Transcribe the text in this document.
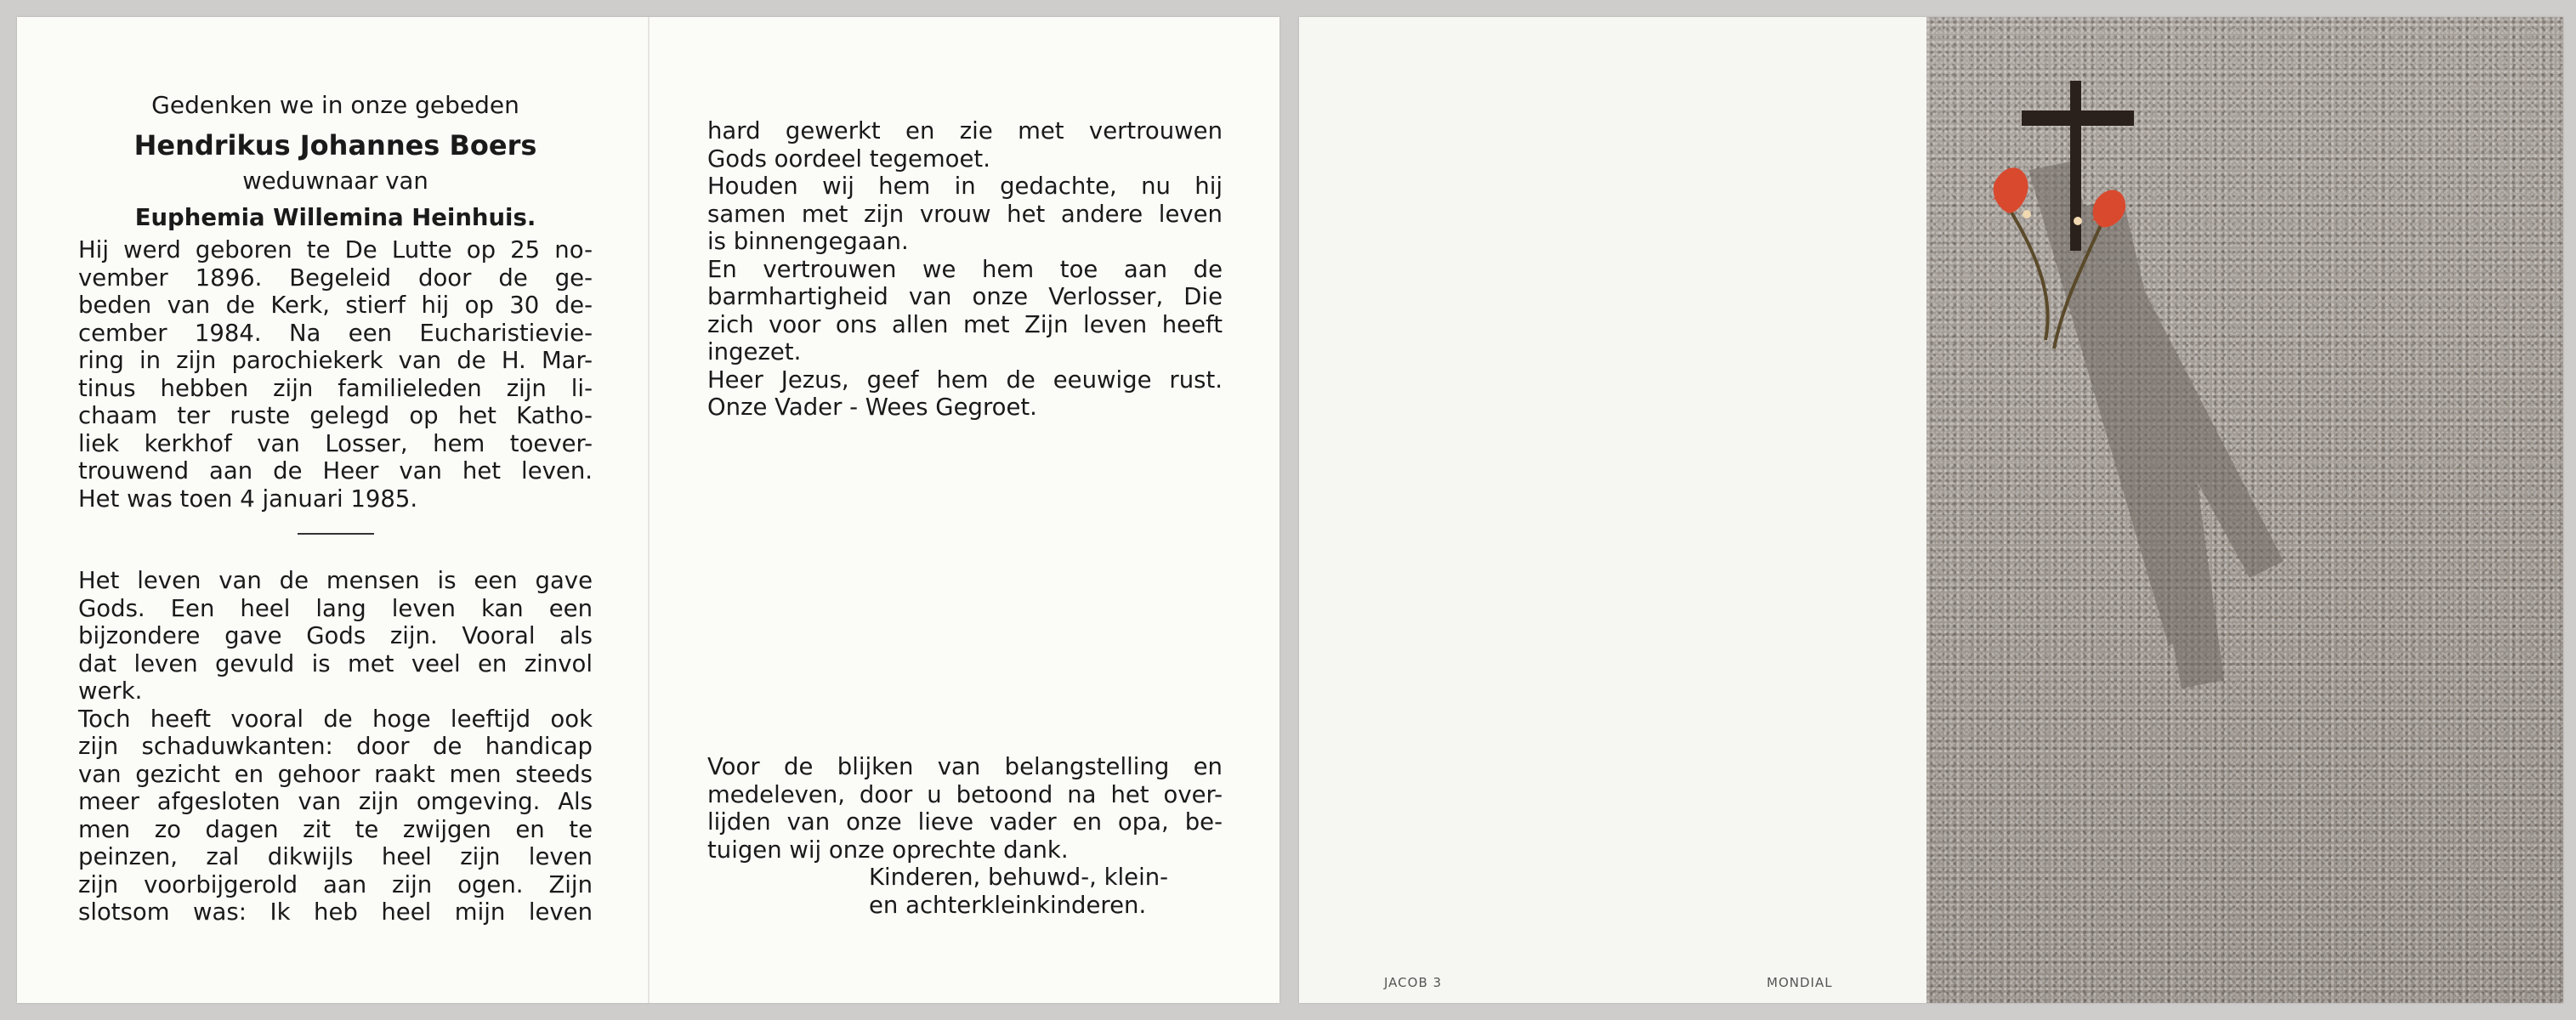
Gedenken we in onze gebeden

Hendrikus Johannes Boers

weduwnaar van

Euphemia Willemina Heinhuis.

Hij werd geboren te De Lutte op 25 no-

vember 1896. Begeleid door de ge-

beden van de Kerk, stierf hij op 30 de-

cember 1984. Na een Eucharistievie-

ring in zijn parochiekerk van de H. Mar-

tinus hebben zijn familieleden zijn li-

chaam ter ruste gelegd op het Katho-

liek kerkhof van Losser, hem toever-

trouwend aan de Heer van het leven.

Het was toen 4 januari 1985.

Het leven van de mensen is een gave

Gods. Een heel lang leven kan een

bijzondere gave Gods zijn. Vooral als

dat leven gevuld is met veel en zinvol

werk.

Toch heeft vooral de hoge leeftijd ook

zijn schaduwkanten: door de handicap

van gezicht en gehoor raakt men steeds

meer afgesloten van zijn omgeving. Als

men zo dagen zit te zwijgen en te

peinzen, zal dikwijls heel zijn leven

zijn voorbijgerold aan zijn ogen. Zijn

slotsom was: Ik heb heel mijn leven

hard gewerkt en zie met vertrouwen

Gods oordeel tegemoet.

Houden wij hem in gedachte, nu hij

samen met zijn vrouw het andere leven

is binnengegaan.

En vertrouwen we hem toe aan de

barmhartigheid van onze Verlosser, Die

zich voor ons allen met Zijn leven heeft

ingezet.

Heer Jezus, geef hem de eeuwige rust.

Onze Vader - Wees Gegroet.

Voor de blijken van belangstelling en

medeleven, door u betoond na het over-

lijden van onze lieve vader en opa, be-

tuigen wij onze oprechte dank.

Kinderen, behuwd-, klein-

en achterkleinkinderen.

JACOB 3	MONDIAL
